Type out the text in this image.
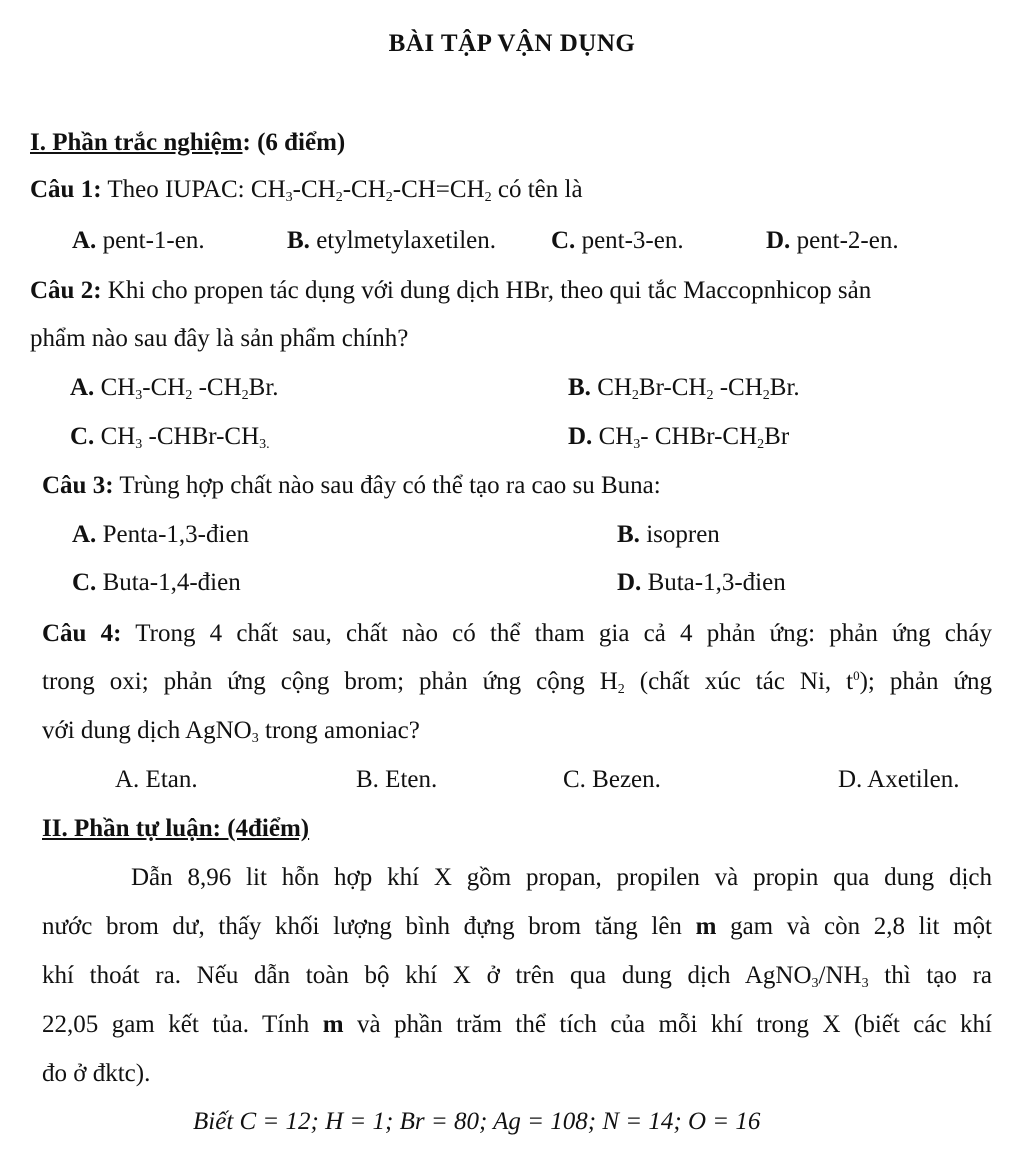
BÀI TẬP VẬN DỤNG
I. Phần trắc nghiệm: (6 điểm)
Câu 1: Theo IUPAC: $CH_3-CH_2-CH_2-CH=CH_2$ có tên là
A. pent-1-en.	B. etylmetylaxetilen. C. pent-3-en.	D. pent-2-en.
Câu 2: Khi cho propen tác dụng với dung dịch HBr, theo qui tắc Maccopnhicop sản
phẩm nào sau đây là sản phẩm chính?
A. $CH_3-CH_2$ $-CH_2Br$.	B. $CH_2Br-CH_2$ $-CH_2Br$.
C. $CH_3$ $-CHBr-CH_{3.}$	D. $CH_3-$ CHBr-$CH_2Br$
Câu 3: Trùng hợp chất nào sau đây có thể tạo ra cao su Buna:
A. Penta-1,3-đien	B. isopren
C. Buta-1,4-đien	D. Buta-1,3-đien
Câu 4: Trong 4 chất sau, chất nào có thể tham gia cả 4 phản ứng: phản ứng cháy
trong oxi; phản ứng cộng brom; phản ứng cộng $H_2$ (chất xúc tác Ni, $t^0$); phản ứng
với dung dịch AgNO$_3$ trong amoniac?
A. Etan.	B. Eten.	C. Bezen.	D. Axetilen.
II. Phần tự luận: (4điểm)
Dẫn 8,96 lit hỗn hợp khí X gồm propan, propilen và propin qua dung dịch
nước brom dư, thấy khối lượng bình đựng brom tăng lên m gam và còn 2,8 lit một
khí thoát ra. Nếu dẫn toàn bộ khí X ở trên qua dung dịch $AgNO_3/NH_3$ thì tạo ra
22,05 gam kết tủa. Tính m và phần trăm thể tích của mỗi khí trong X (biết các khí
đo ở đktc).
Biết C = 12; H = 1; Br = 80; Ag = 108; N = 14; O = 16
